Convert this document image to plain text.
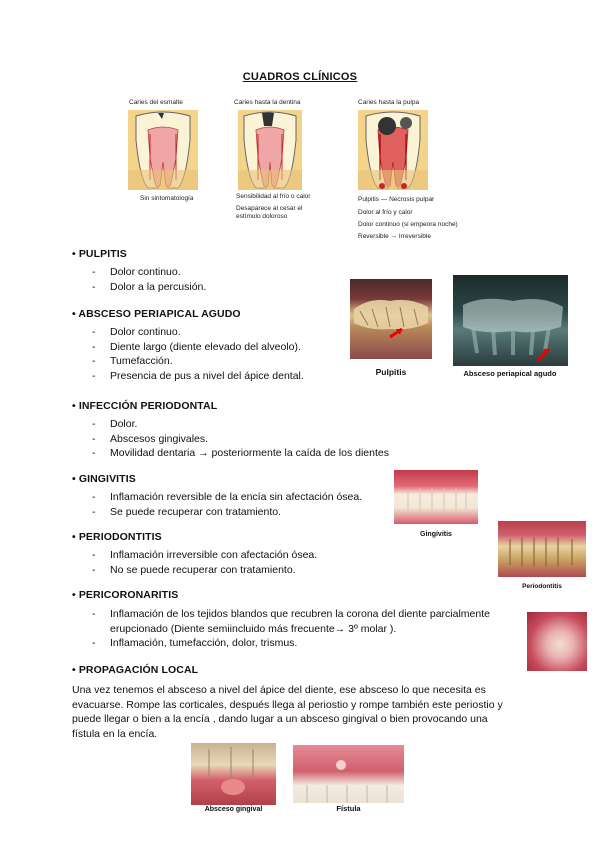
CUADROS CLÍNICOS
Caries del esmalte	Caries hasta la dentina	Caries hasta la pulpa
Sin sintomatología	Sensibilidad al frío o calor
Desaparece al cesar el
estímulo doloroso
Pulpitis — Necrosis pulpar
Dolor al frío y calor
Dolor continuo (si empeora noche)
Reversible → Irreversible
• PULPITIS
- Dolor continuo.
- Dolor a la percusión.
• ABSCESO PERIAPICAL AGUDO
- Dolor continuo.
- Diente largo (diente elevado del alveolo).
- Tumefacción.
- Presencia de pus a nivel del ápice dental.	Pulpitis	Absceso periapical agudo
• INFECCIÓN PERIODONTAL
- Dolor.
- Abscesos gingivales.
- Movilidad dentaria → posteriormente la caída de los dientes
• GINGIVITIS
- Inflamación reversible de la encía sin afectación ósea.
- Se puede recuperar con tratamiento.
Gingivitis
• PERIODONTITIS
- Inflamación irreversible con afectación ósea.
- No se puede recuperar con tratamiento.
Periodontitis
• PERICORONARITIS
- Inflamación de los tejidos blandos que recubren la corona del diente parcialmente
erupcionado (Diente semiincluido más frecuente→ 3º molar ).
- Inflamación, tumefacción, dolor, trismus.
• PROPAGACIÓN LOCAL
Una vez tenemos el absceso a nivel del ápice del diente, ese absceso lo que necesita es
evacuarse. Rompe las corticales, después llega al periostio y rompe también este periostio y
puede llegar o bien a la encía , dando lugar a un absceso gingival o bien provocando una
fístula en la encía.
Absceso gingival	Fístula
